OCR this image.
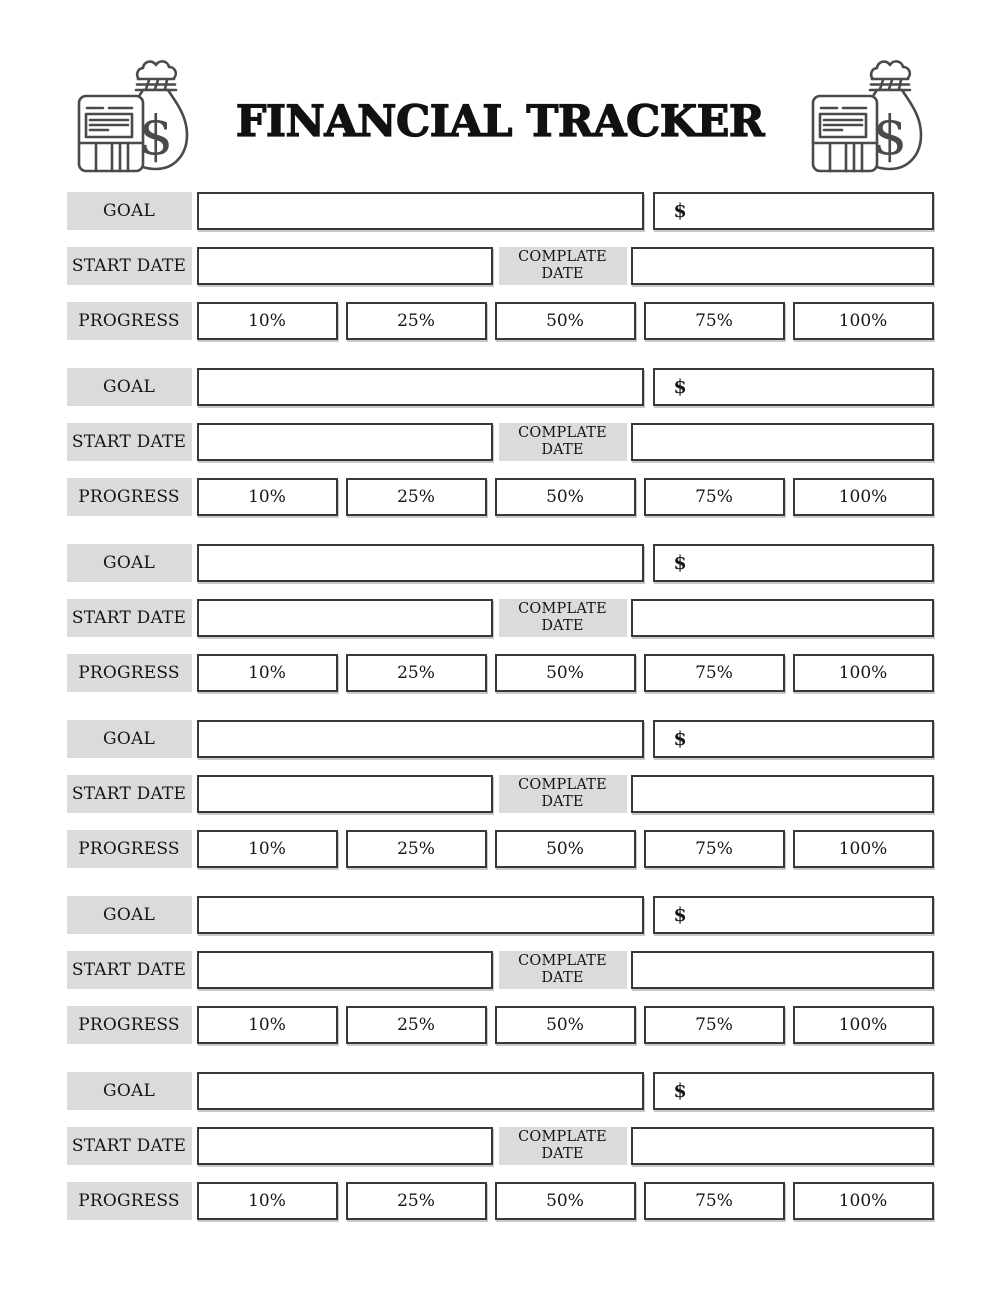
FINANCIAL TRACKER
GOAL	$
START DATE	COMPLATE DATE
PROGRESS	10%	25%	50%	75%	100%
GOAL	$
START DATE	COMPLATE DATE
PROGRESS	10%	25%	50%	75%	100%
GOAL	$
START DATE	COMPLATE DATE
PROGRESS	10%	25%	50%	75%	100%
GOAL	$
START DATE	COMPLATE DATE
PROGRESS	10%	25%	50%	75%	100%
GOAL	$
START DATE	COMPLATE DATE
PROGRESS	10%	25%	50%	75%	100%
GOAL	$
START DATE	COMPLATE DATE
PROGRESS	10%	25%	50%	75%	100%
